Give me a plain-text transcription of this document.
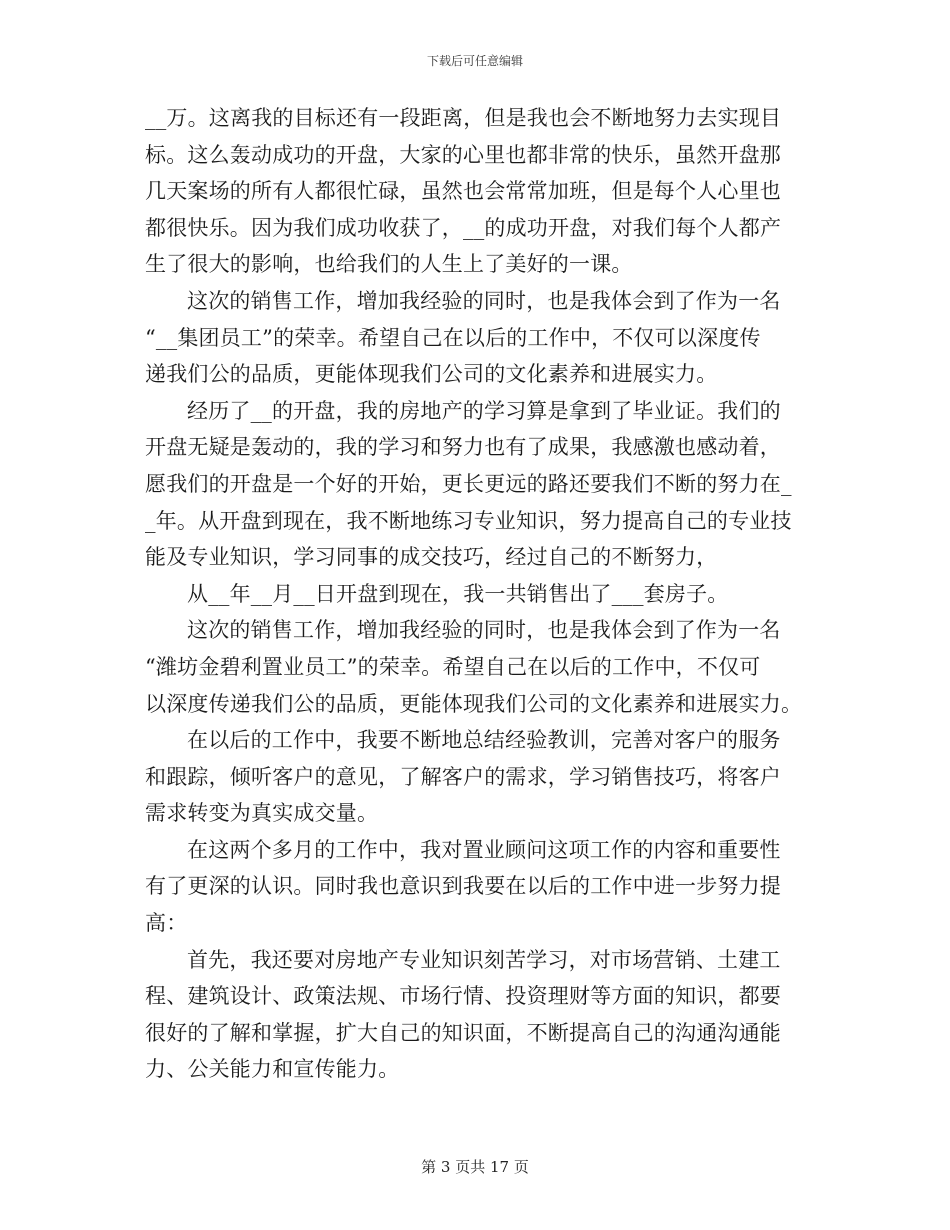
下载后可任意编辑
__万。这离我的目标还有一段距离，但是我也会不断地努力去实现目
标。这么轰动成功的开盘，大家的心里也都非常的快乐，虽然开盘那
几天案场的所有人都很忙碌，虽然也会常常加班，但是每个人心里也
都很快乐。因为我们成功收获了，__的成功开盘，对我们每个人都产
生了很大的影响，也给我们的人生上了美好的一课。
这次的销售工作，增加我经验的同时，也是我体会到了作为一名
“__集团员工”的荣幸。希望自己在以后的工作中，不仅可以深度传
递我们公的品质，更能体现我们公司的文化素养和进展实力。
经历了__的开盘，我的房地产的学习算是拿到了毕业证。我们的
开盘无疑是轰动的，我的学习和努力也有了成果，我感激也感动着，
愿我们的开盘是一个好的开始，更长更远的路还要我们不断的努力在_
_年。从开盘到现在，我不断地练习专业知识，努力提高自己的专业技
能及专业知识，学习同事的成交技巧，经过自己的不断努力，
从__年__月__日开盘到现在，我一共销售出了___套房子。
这次的销售工作，增加我经验的同时，也是我体会到了作为一名
“潍坊金碧利置业员工”的荣幸。希望自己在以后的工作中，不仅可
以深度传递我们公的品质，更能体现我们公司的文化素养和进展实力。
在以后的工作中，我要不断地总结经验教训，完善对客户的服务
和跟踪，倾听客户的意见，了解客户的需求，学习销售技巧，将客户
需求转变为真实成交量。
在这两个多月的工作中，我对置业顾问这项工作的内容和重要性
有了更深的认识。同时我也意识到我要在以后的工作中进一步努力提
高：
首先，我还要对房地产专业知识刻苦学习，对市场营销、土建工
程、建筑设计、政策法规、市场行情、投资理财等方面的知识，都要
很好的了解和掌握，扩大自己的知识面，不断提高自己的沟通沟通能
力、公关能力和宣传能力。
第 3 页共 17 页
